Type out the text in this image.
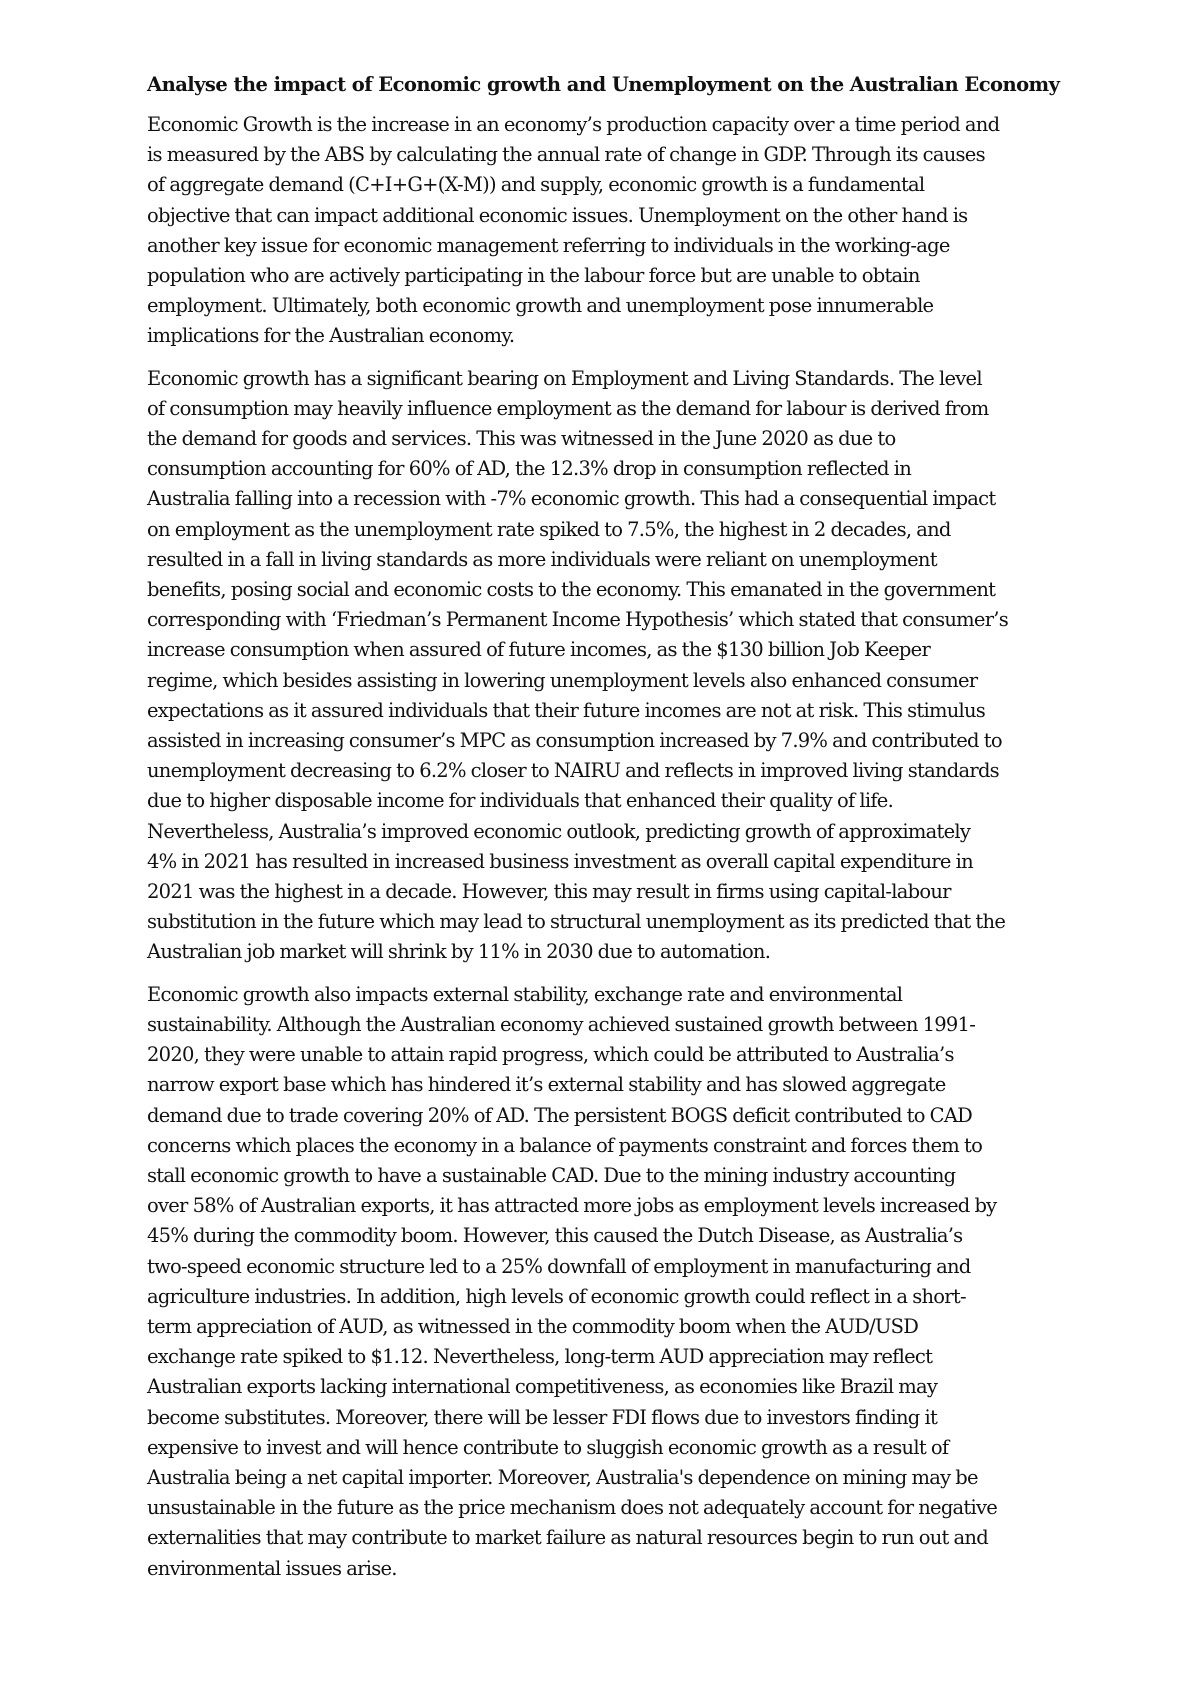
Analyse the impact of Economic growth and Unemployment on the Australian Economy

Economic Growth is the increase in an economy’s production capacity over a time period and
is measured by the ABS by calculating the annual rate of change in GDP. Through its causes
of aggregate demand (C+I+G+(X-M)) and supply, economic growth is a fundamental
objective that can impact additional economic issues. Unemployment on the other hand is
another key issue for economic management referring to individuals in the working-age
population who are actively participating in the labour force but are unable to obtain
employment. Ultimately, both economic growth and unemployment pose innumerable
implications for the Australian economy.

Economic growth has a significant bearing on Employment and Living Standards. The level
of consumption may heavily influence employment as the demand for labour is derived from
the demand for goods and services. This was witnessed in the June 2020 as due to
consumption accounting for 60% of AD, the 12.3% drop in consumption reflected in
Australia falling into a recession with -7% economic growth. This had a consequential impact
on employment as the unemployment rate spiked to 7.5%, the highest in 2 decades, and
resulted in a fall in living standards as more individuals were reliant on unemployment
benefits, posing social and economic costs to the economy. This emanated in the government
corresponding with ‘Friedman’s Permanent Income Hypothesis’ which stated that consumer’s
increase consumption when assured of future incomes, as the $130 billion Job Keeper
regime, which besides assisting in lowering unemployment levels also enhanced consumer
expectations as it assured individuals that their future incomes are not at risk. This stimulus
assisted in increasing consumer’s MPC as consumption increased by 7.9% and contributed to
unemployment decreasing to 6.2% closer to NAIRU and reflects in improved living standards
due to higher disposable income for individuals that enhanced their quality of life.
Nevertheless, Australia’s improved economic outlook, predicting growth of approximately
4% in 2021 has resulted in increased business investment as overall capital expenditure in
2021 was the highest in a decade. However, this may result in firms using capital-labour
substitution in the future which may lead to structural unemployment as its predicted that the
Australian job market will shrink by 11% in 2030 due to automation.

Economic growth also impacts external stability, exchange rate and environmental
sustainability. Although the Australian economy achieved sustained growth between 1991-
2020, they were unable to attain rapid progress, which could be attributed to Australia’s
narrow export base which has hindered it’s external stability and has slowed aggregate
demand due to trade covering 20% of AD. The persistent BOGS deficit contributed to CAD
concerns which places the economy in a balance of payments constraint and forces them to
stall economic growth to have a sustainable CAD. Due to the mining industry accounting
over 58% of Australian exports, it has attracted more jobs as employment levels increased by
45% during the commodity boom. However, this caused the Dutch Disease, as Australia’s
two-speed economic structure led to a 25% downfall of employment in manufacturing and
agriculture industries. In addition, high levels of economic growth could reflect in a short-
term appreciation of AUD, as witnessed in the commodity boom when the AUD/USD
exchange rate spiked to $1.12. Nevertheless, long-term AUD appreciation may reflect
Australian exports lacking international competitiveness, as economies like Brazil may
become substitutes. Moreover, there will be lesser FDI flows due to investors finding it
expensive to invest and will hence contribute to sluggish economic growth as a result of
Australia being a net capital importer. Moreover, Australia's dependence on mining may be
unsustainable in the future as the price mechanism does not adequately account for negative
externalities that may contribute to market failure as natural resources begin to run out and
environmental issues arise.
